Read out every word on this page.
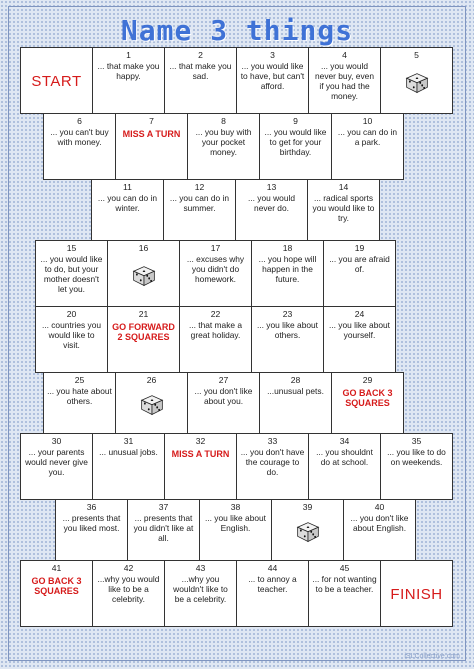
Name 3 things
START
1
... that make you happy.
2
... that make you sad.
3
... you would like to have, but can't afford.
4
... you would never buy, even if you had the money.
5
6
... you can't buy with money.
7
MISS A TURN
8
... you buy with your pocket money.
9
... you would like to get for your birthday.
10
... you can do in a park.
11
... you can do in winter.
12
... you can do in summer.
13
... you would never do.
14
... radical sports you would like to try.
15
... you would like to do, but your mother doesn't let you.
16	17
... excuses why you didn't do homework.
18
... you hope will happen in the future.
19
... you are afraid of.
20
... countries you would like to visit.
21
GO FORWARD 2 SQUARES
22
... that make a great holiday.
23
... you like about others.
24
... you like about yourself.
25
... you hate about others.
26	27
... you don't like about you.
28
...unusual pets.
29
GO BACK 3 SQUARES
30
... your parents would never give you.
31
... unusual jobs.
32
MISS A TURN
33
... you don't have the courage to do.
34
... you shouldnt do at school.
35
... you like to do on weekends.
36
... presents that you liked most.
37
... presents that you didn't like at all.
38
... you like about English.
39	40
... you don't like about English.
41
GO BACK 3 SQUARES
42
...why you would like to be a celebrity.
43
...why you wouldn't like to be a celebrity.
44
... to annoy a teacher.
45
... for not wanting to be a teacher. FINISH
iSLCollective.com
